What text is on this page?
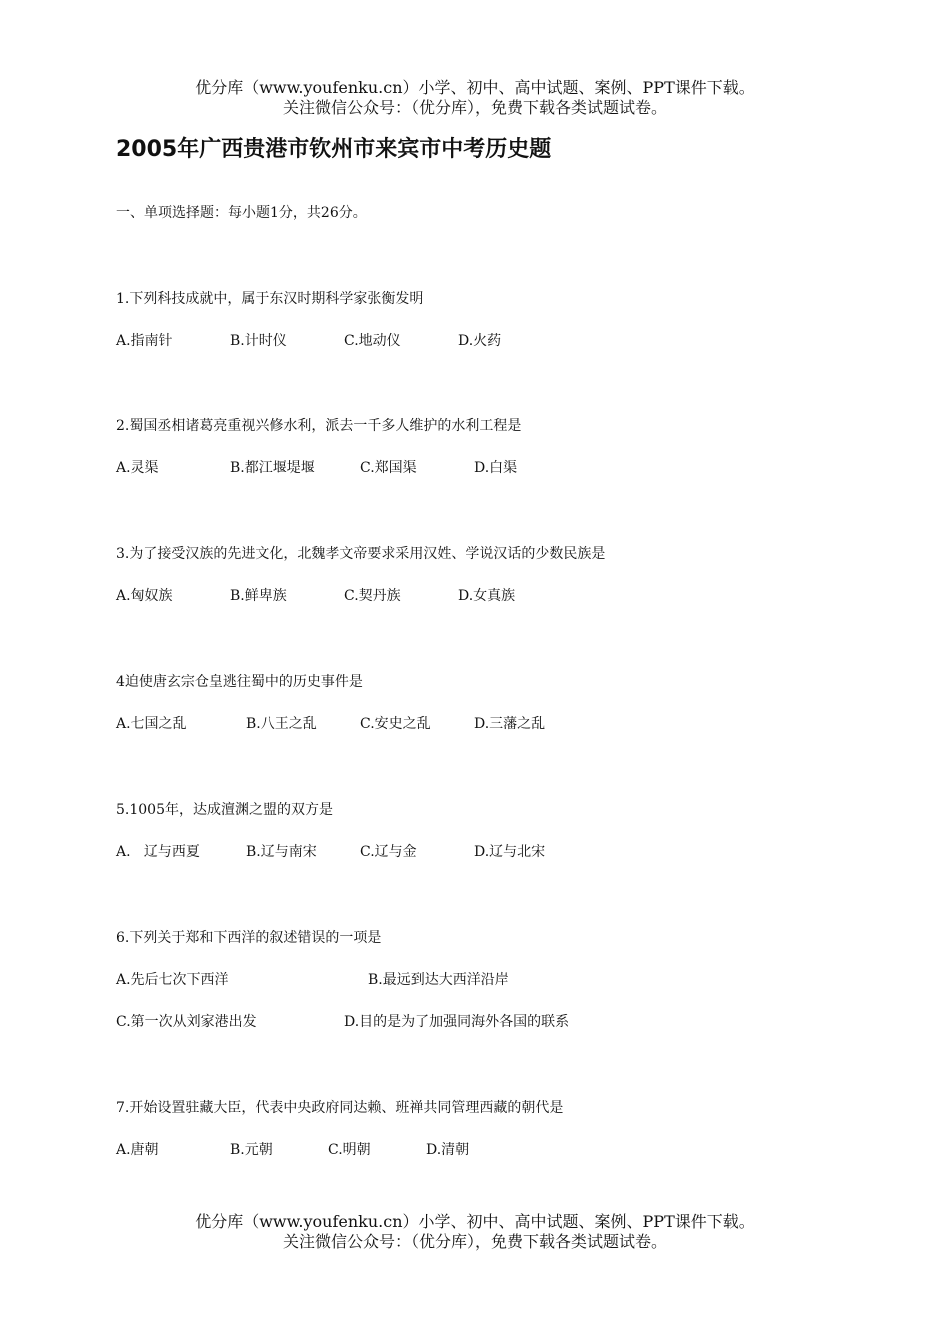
优分库（www.youfenku.cn）小学、初中、高中试题、案例、PPT课件下载。
关注微信公众号：（优分库），免费下载各类试题试卷。
2005年广西贵港市钦州市来宾市中考历史题
一、单项选择题：每小题1分，共26分。
1.下列科技成就中，属于东汉时期科学家张衡发明
A.指南针	B.计时仪	C.地动仪	D.火药
2.蜀国丞相诸葛亮重视兴修水利，派去一千多人维护的水利工程是
A.灵渠	B.都江堰堤堰	C.郑国渠	D.白渠
3.为了接受汉族的先进文化，北魏孝文帝要求采用汉姓、学说汉话的少数民族是
A.匈奴族	B.鲜卑族	C.契丹族	D.女真族
4迫使唐玄宗仓皇逃往蜀中的历史事件是
A.七国之乱	B.八王之乱	C.安史之乱	D.三藩之乱
5.1005年，达成澶渊之盟的双方是
A.   辽与西夏	B.辽与南宋	C.辽与金	D.辽与北宋
6.下列关于郑和下西洋的叙述错误的一项是
A.先后七次下西洋	B.最远到达大西洋沿岸
C.第一次从刘家港出发	D.目的是为了加强同海外各国的联系
7.开始设置驻藏大臣，代表中央政府同达赖、班禅共同管理西藏的朝代是
A.唐朝	B.元朝	C.明朝	D.清朝
优分库（www.youfenku.cn）小学、初中、高中试题、案例、PPT课件下载。
关注微信公众号：（优分库），免费下载各类试题试卷。
